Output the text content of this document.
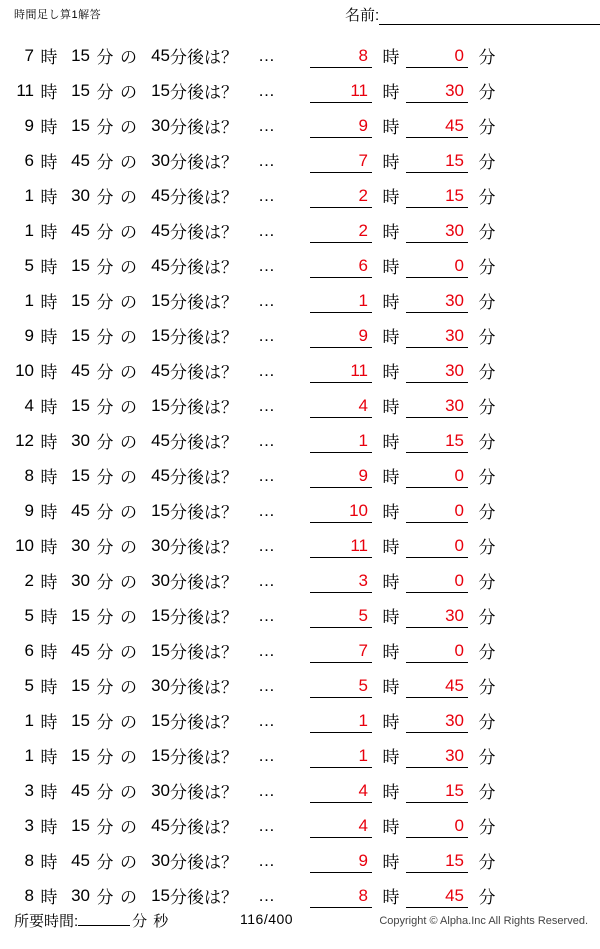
時間足し算1解答	名前:
7 時 15 分 の 45 分後は？	…	8 時	0 分
11 時 15 分 の 15 分後は？	…	11 時	30 分
9 時 15 分 の 30 分後は？	…	9 時	45 分
6 時 45 分 の 30 分後は？	…	7 時	15 分
1 時 30 分 の 45 分後は？	…	2 時	15 分
1 時 45 分 の 45 分後は？	…	2 時	30 分
5 時 15 分 の 45 分後は？	…	6 時	0 分
1 時 15 分 の 15 分後は？	…	1 時	30 分
9 時 15 分 の 15 分後は？	…	9 時	30 分
10 時 45 分 の 45 分後は？	…	11 時	30 分
4 時 15 分 の 15 分後は？	…	4 時	30 分
12 時 30 分 の 45 分後は？	…	1 時	15 分
8 時 15 分 の 45 分後は？	…	9 時	0 分
9 時 45 分 の 15 分後は？	…	10 時	0 分
10 時 30 分 の 30 分後は？	…	11 時	0 分
2 時 30 分 の 30 分後は？	…	3 時	0 分
5 時 15 分 の 15 分後は？	…	5 時	30 分
6 時 45 分 の 15 分後は？	…	7 時	0 分
5 時 15 分 の 30 分後は？	…	5 時	45 分
1 時 15 分 の 15 分後は？	…	1 時	30 分
1 時 15 分 の 15 分後は？	…	1 時	30 分
3 時 45 分 の 30 分後は？	…	4 時	15 分
3 時 15 分 の 45 分後は？	…	4 時	0 分
8 時 45 分 の 30 分後は？	…	9 時	15 分
8 時 30 分 の 15 分後は？	…	8 時	45 分
所要時間:	分 秒	116/400	Copyright © Alpha.Inc All Rights Reserved.
